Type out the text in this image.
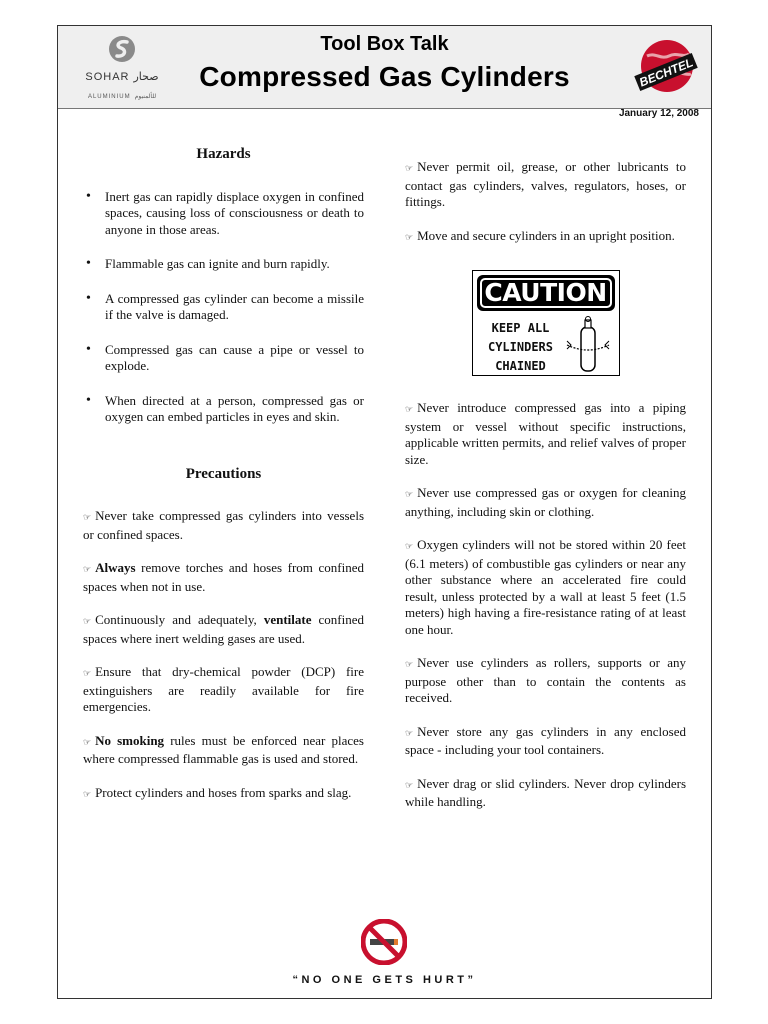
SOHAR صحار
ALUMINIUM للألمنيوم
Tool Box Talk
Compressed Gas Cylinders	BECHTEL
January 12, 2008
Hazards
• Inert gas can rapidly displace oxygen in confined spaces, causing loss of consciousness or death to anyone in those areas.
• Flammable gas can ignite and burn rapidly.
• A compressed gas cylinder can become a missile if the valve is damaged.
• Compressed gas can cause a pipe or vessel to explode.
• When directed at a person, compressed gas or oxygen can embed particles in eyes and skin.
Precautions

☞ Never take compressed gas cylinders into vessels or confined spaces.

☞ Always remove torches and hoses from confined spaces when not in use.

☞ Continuously and adequately, ventilate confined spaces where inert welding gases are used.

☞ Ensure that dry-chemical powder (DCP) fire extinguishers are readily available for fire emergencies.

☞ No smoking rules must be enforced near places where compressed flammable gas is used and stored.

☞ Protect cylinders and hoses from sparks and slag.

☞ Never permit oil, grease, or other lubricants to contact gas cylinders, valves, regulators, hoses, or fittings.

☞ Move and secure cylinders in an upright position.

CAUTION
KEEP ALL
CYLINDERS
CHAINED

☞ Never introduce compressed gas into a piping system or vessel without specific instructions, applicable written permits, and relief valves of proper size.

☞ Never use compressed gas or oxygen for cleaning anything, including skin or clothing.

☞ Oxygen cylinders will not be stored within 20 feet (6.1 meters) of combustible gas cylinders or near any other substance where an accelerated fire could result, unless protected by a wall at least 5 feet (1.5 meters) high having a fire-resistance rating of at least one hour.

☞ Never use cylinders as rollers, supports or any purpose other than to contain the contents as received.

☞ Never store any gas cylinders in any enclosed space - including your tool containers.

☞ Never drag or slid cylinders. Never drop cylinders while handling.

“NO ONE GETS HURT”
